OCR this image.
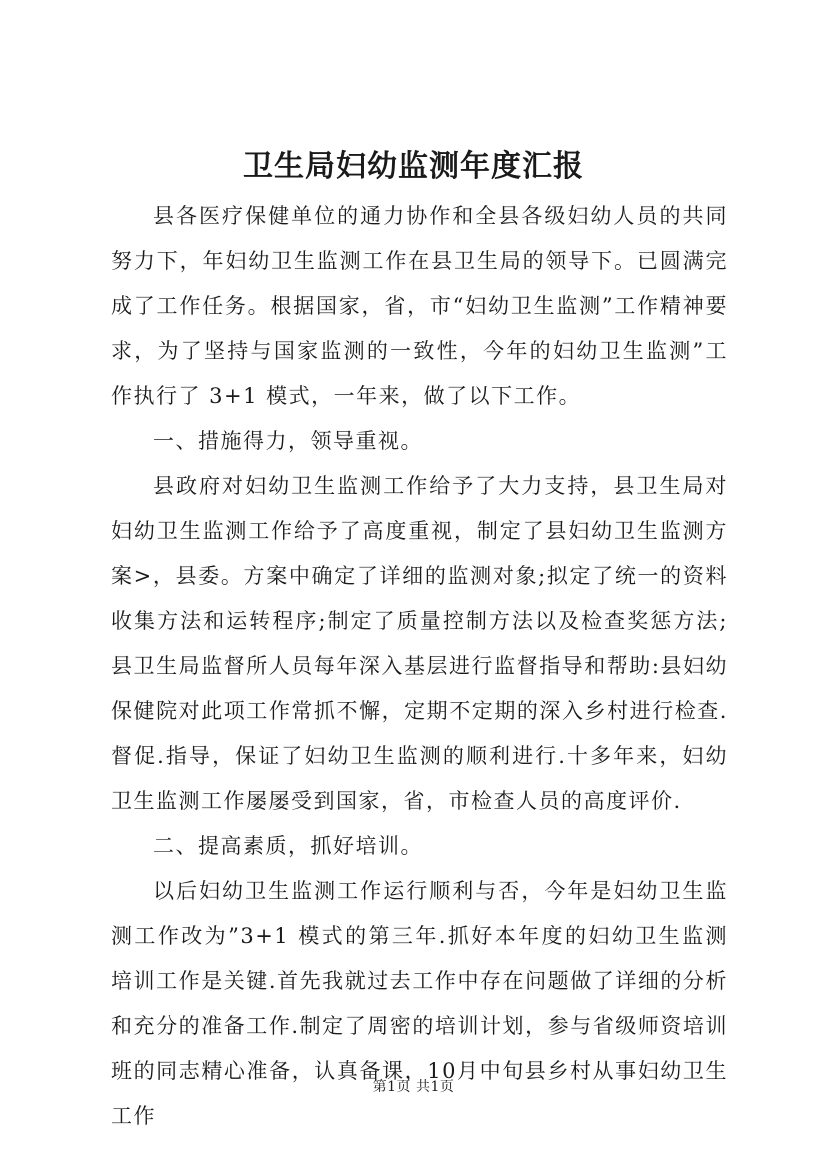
卫生局妇幼监测年度汇报

县各医疗保健单位的通力协作和全县各级妇幼人员的共同努力下，年妇幼卫生监测工作在县卫生局的领导下。已圆满完成了工作任务。根据国家，省，市“妇幼卫生监测”工作精神要求，为了坚持与国家监测的一致性，今年的妇幼卫生监测”工作执行了 3+1 模式，一年来，做了以下工作。

一、措施得力，领导重视。

县政府对妇幼卫生监测工作给予了大力支持，县卫生局对妇幼卫生监测工作给予了高度重视，制定了县妇幼卫生监测方案>，县委。方案中确定了详细的监测对象;拟定了统一的资料收集方法和运转程序;制定了质量控制方法以及检查奖惩方法;县卫生局监督所人员每年深入基层进行监督指导和帮助:县妇幼保健院对此项工作常抓不懈，定期不定期的深入乡村进行检查.督促.指导，保证了妇幼卫生监测的顺利进行.十多年来，妇幼卫生监测工作屡屡受到国家，省，市检查人员的高度评价.

二、提高素质，抓好培训。

以后妇幼卫生监测工作运行顺利与否，今年是妇幼卫生监测工作改为”3+1 模式的第三年.抓好本年度的妇幼卫生监测培训工作是关键.首先我就过去工作中存在问题做了详细的分析和充分的准备工作.制定了周密的培训计划，参与省级师资培训班的同志精心准备，认真备课，10月中旬县乡村从事妇幼卫生工作

第1页 共1页
